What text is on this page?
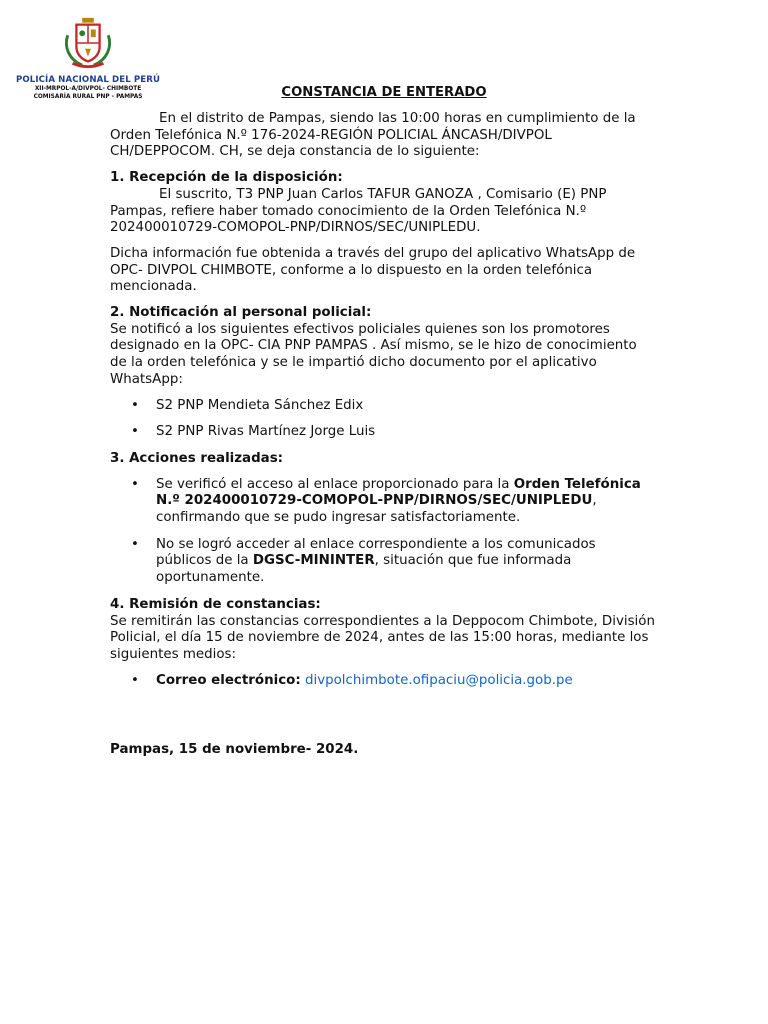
POLICÍA NACIONAL DEL PERÚ
XII-MRPOL-A/DIVPOL- CHIMBOTE
COMISARÍA RURAL PNP - PAMPAS	CONSTANCIA DE ENTERADO

En el distrito de Pampas, siendo las 10:00 horas en cumplimiento de la Orden Telefónica N.º 176-2024-REGIÓN POLICIAL ÁNCASH/DIVPOL CH/DEPPOCOM. CH, se deja constancia de lo siguiente:

1. Recepción de la disposición:

El suscrito, T3 PNP Juan Carlos TAFUR GANOZA , Comisario (E) PNP Pampas, refiere haber tomado conocimiento de la Orden Telefónica N.º 202400010729-COMOPOL-PNP/DIRNOS/SEC/UNIPLEDU.

Dicha información fue obtenida a través del grupo del aplicativo WhatsApp de OPC- DIVPOL CHIMBOTE, conforme a lo dispuesto en la orden telefónica mencionada.

2. Notificación al personal policial:

Se notificó a los siguientes efectivos policiales quienes son los promotores designado en la OPC- CIA PNP PAMPAS . Así mismo, se le hizo de conocimiento de la orden telefónica y se le impartió dicho documento por el aplicativo WhatsApp:

• S2 PNP Mendieta Sánchez Edix
• S2 PNP Rivas Martínez Jorge Luis

3. Acciones realizadas:

• Se verificó el acceso al enlace proporcionado para la Orden Telefónica N.º 202400010729-COMOPOL-PNP/DIRNOS/SEC/UNIPLEDU, confirmando que se pudo ingresar satisfactoriamente.
• No se logró acceder al enlace correspondiente a los comunicados públicos de la DGSC-MININTER, situación que fue informada oportunamente.

4. Remisión de constancias:

Se remitirán las constancias correspondientes a la Deppocom Chimbote, División Policial, el día 15 de noviembre de 2024, antes de las 15:00 horas, mediante los siguientes medios:

• Correo electrónico: divpolchimbote.ofipaciu@policia.gob.pe

Pampas, 15 de noviembre- 2024.
